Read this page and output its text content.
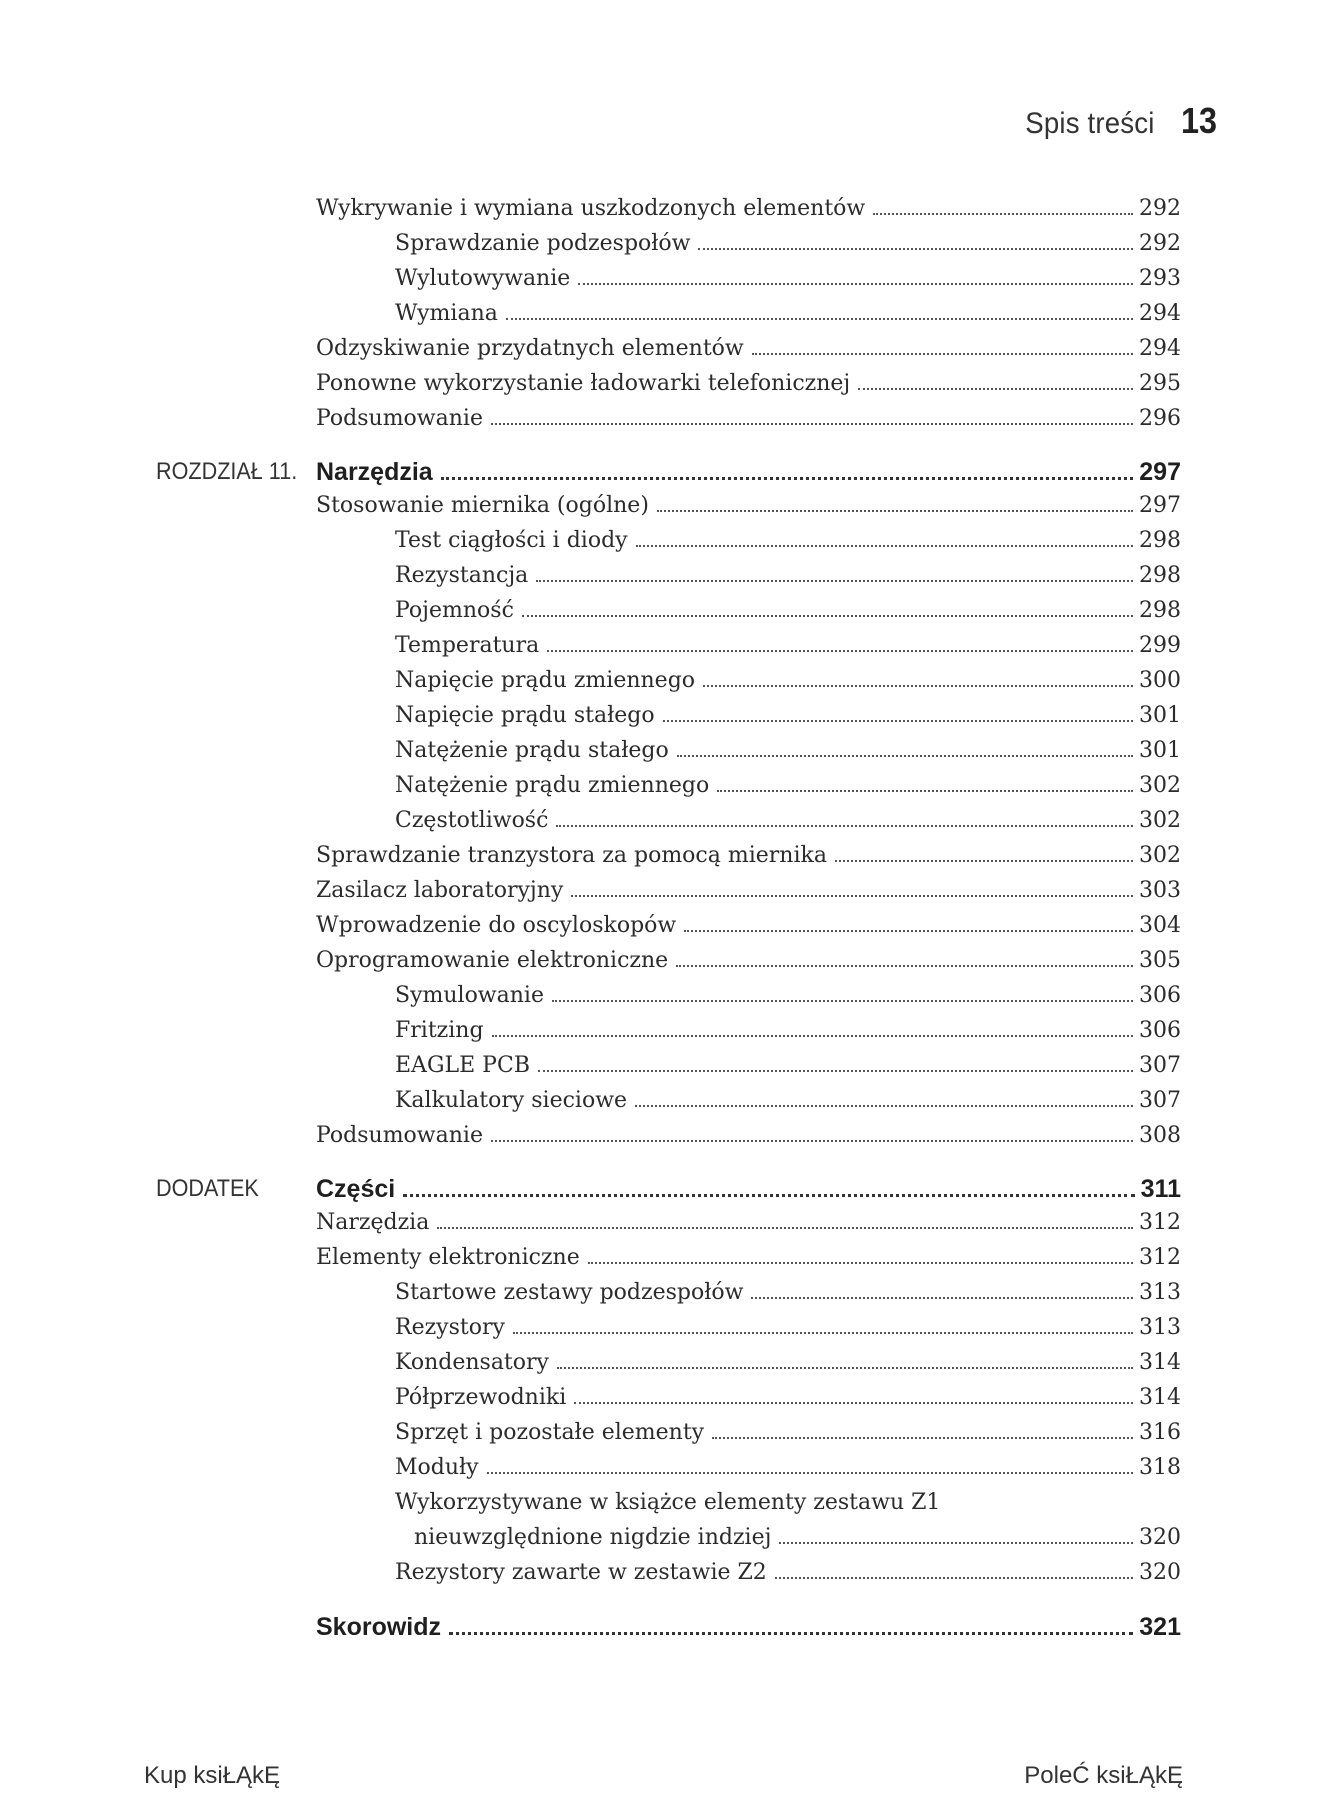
Spis treści 13
Wykrywanie i wymiana uszkodzonych elementów	292
Sprawdzanie podzespołów	292
Wylutowywanie	293
Wymiana	294
Odzyskiwanie przydatnych elementów	294
Ponowne wykorzystanie ładowarki telefonicznej	295
Podsumowanie	296
ROZDZIAŁ 11. Narzędzia	297
Stosowanie miernika (ogólne)	297
Test ciągłości i diody	298
Rezystancja	298
Pojemność	298
Temperatura	299
Napięcie prądu zmiennego	300
Napięcie prądu stałego	301
Natężenie prądu stałego	301
Natężenie prądu zmiennego	302
Częstotliwość	302
Sprawdzanie tranzystora za pomocą miernika	302
Zasilacz laboratoryjny	303
Wprowadzenie do oscyloskopów	304
Oprogramowanie elektroniczne	305
Symulowanie	306
Fritzing	306
EAGLE PCB	307
Kalkulatory sieciowe	307
Podsumowanie	308
DODATEK Części	311
Narzędzia	312
Elementy elektroniczne	312
Startowe zestawy podzespołów	313
Rezystory	313
Kondensatory	314
Półprzewodniki	314
Sprzęt i pozostałe elementy	316
Moduły	318
Wykorzystywane w książce elementy zestawu Z1
nieuwzględnione nigdzie indziej	320
Rezystory zawarte w zestawie Z2	320
Skorowidz	321
Kup ksiŁĄkĘ	PoleĆ ksiŁĄkĘ
